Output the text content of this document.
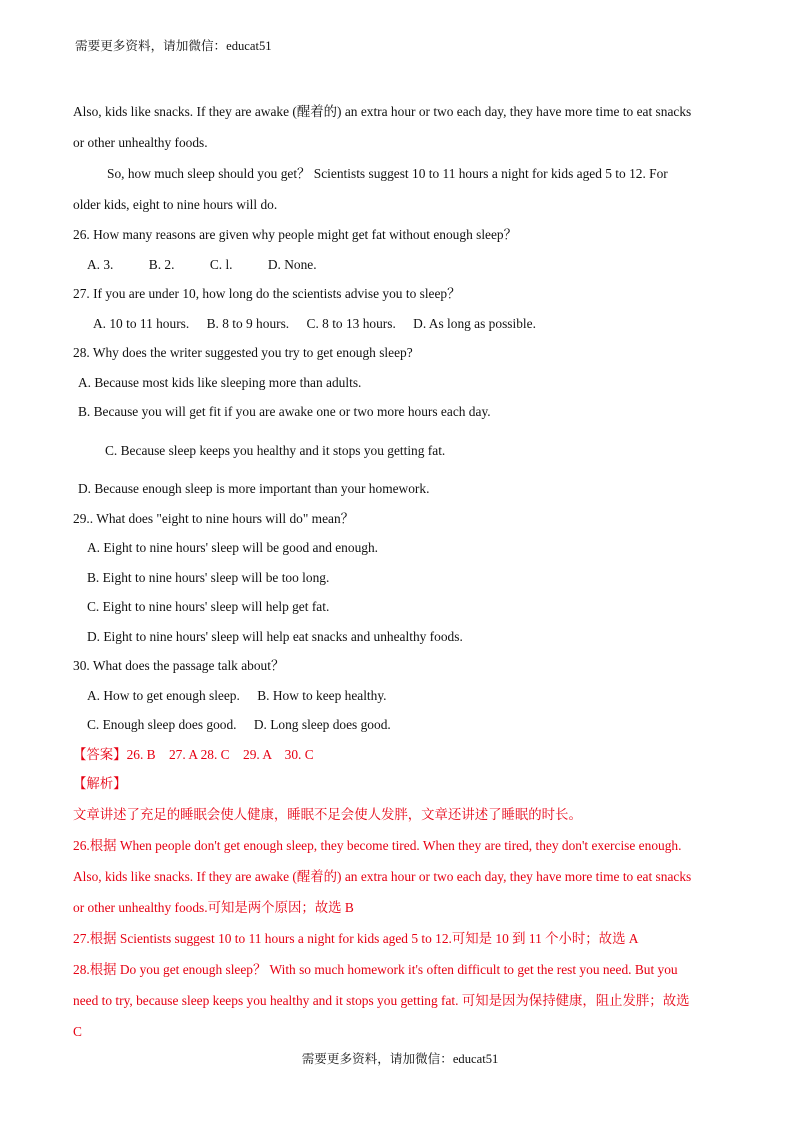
需要更多资料，请加微信：educat51

Also, kids like snacks. If they are awake (醒着的) an extra hour or two each day, they have more time to eat snacks

or other unhealthy foods.

So, how much sleep should you get？ Scientists suggest 10 to 11 hours a night for kids aged 5 to 12. For

older kids, eight to nine hours will do.

26. How many reasons are given why people might get fat without enough sleep？

A. 3.	B. 2.	C. l.	D. None.

27. If you are under 10, how long do the scientists advise you to sleep？

A. 10 to 11 hours. B. 8 to 9 hours. C. 8 to 13 hours. D. As long as possible.

28. Why does the writer suggested you try to get enough sleep?

A. Because most kids like sleeping more than adults.

B. Because you will get fit if you are awake one or two more hours each day.

C. Because sleep keeps you healthy and it stops you getting fat.

D. Because enough sleep is more important than your homework.

29.. What does "eight to nine hours will do" mean？

A. Eight to nine hours' sleep will be good and enough.

B. Eight to nine hours' sleep will be too long.

C. Eight to nine hours' sleep will help get fat.

D. Eight to nine hours' sleep will help eat snacks and unhealthy foods.

30. What does the passage talk about？

A. How to get enough sleep. B. How to keep healthy.

C. Enough sleep does good. D. Long sleep does good.

【答案】26. B　27. A 28. C　29. A　30. C

【解析】

文章讲述了充足的睡眠会使人健康，睡眠不足会使人发胖，文章还讲述了睡眠的时长。

26.根据 When people don't get enough sleep, they become tired. When they are tired, they don't exercise enough.

Also, kids like snacks. If they are awake (醒着的) an extra hour or two each day, they have more time to eat snacks

or other unhealthy foods.可知是两个原因；故选 B

27.根据 Scientists suggest 10 to 11 hours a night for kids aged 5 to 12.可知是 10 到 11 个小时；故选 A

28.根据 Do you get enough sleep？ With so much homework it's often difficult to get the rest you need. But you

need to try, because sleep keeps you healthy and it stops you getting fat. 可知是因为保持健康，阻止发胖；故选

C

需要更多资料，请加微信：educat51
